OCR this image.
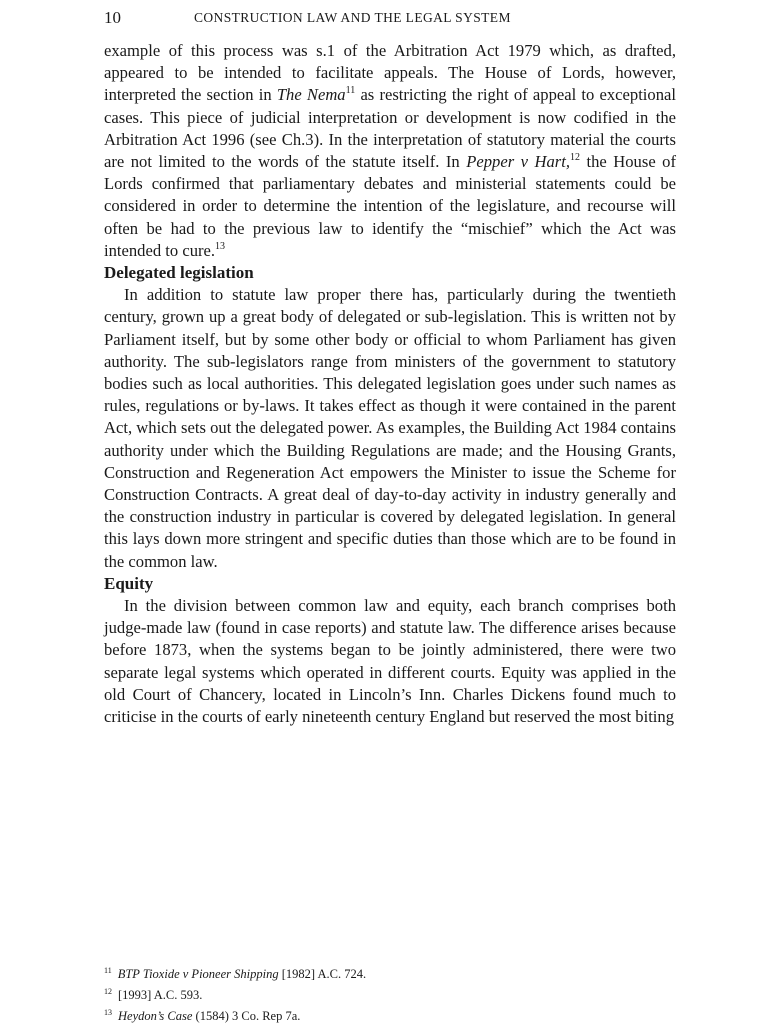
10	CONSTRUCTION LAW AND THE LEGAL SYSTEM

example of this process was s.1 of the Arbitration Act 1979 which, as drafted, appeared to be intended to facilitate appeals. The House of Lords, however, interpreted the section in The Nema$^{11}$ as restricting the right of appeal to exceptional cases. This piece of judicial interpretation or development is now codified in the Arbitration Act 1996 (see Ch.3). In the interpretation of statutory material the courts are not limited to the words of the statute itself. In Pepper v Hart,$^{12}$ the House of Lords confirmed that parliamentary debates and ministerial statements could be considered in order to determine the intention of the legislature, and recourse will often be had to the previous law to identify the “mischief” which the Act was intended to cure.$^{13}$

Delegated legislation

In addition to statute law proper there has, particularly during the twentieth century, grown up a great body of delegated or sub-legislation. This is written not by Parliament itself, but by some other body or official to whom Parliament has given authority. The sub-legislators range from ministers of the government to statutory bodies such as local authorities. This delegated legislation goes under such names as rules, regulations or by-laws. It takes effect as though it were contained in the parent Act, which sets out the delegated power. As examples, the Building Act 1984 contains authority under which the Building Regulations are made; and the Housing Grants, Construction and Regeneration Act empowers the Minister to issue the Scheme for Construction Contracts. A great deal of day-to-day activity in industry generally and the construction industry in particular is covered by delegated legislation. In general this lays down more stringent and specific duties than those which are to be found in the common law.

Equity

In the division between common law and equity, each branch comprises both judge-made law (found in case reports) and statute law. The difference arises because before 1873, when the systems began to be jointly administered, there were two separate legal systems which operated in different courts. Equity was applied in the old Court of Chancery, located in Lincoln’s Inn. Charles Dickens found much to criticise in the courts of early nineteenth century England but reserved the most biting

$^{11}$ BTP Tioxide v Pioneer Shipping [1982] A.C. 724.

$^{12}$ [1993] A.C. 593.

$^{13}$ Heydon’s Case (1584) 3 Co. Rep 7a.
